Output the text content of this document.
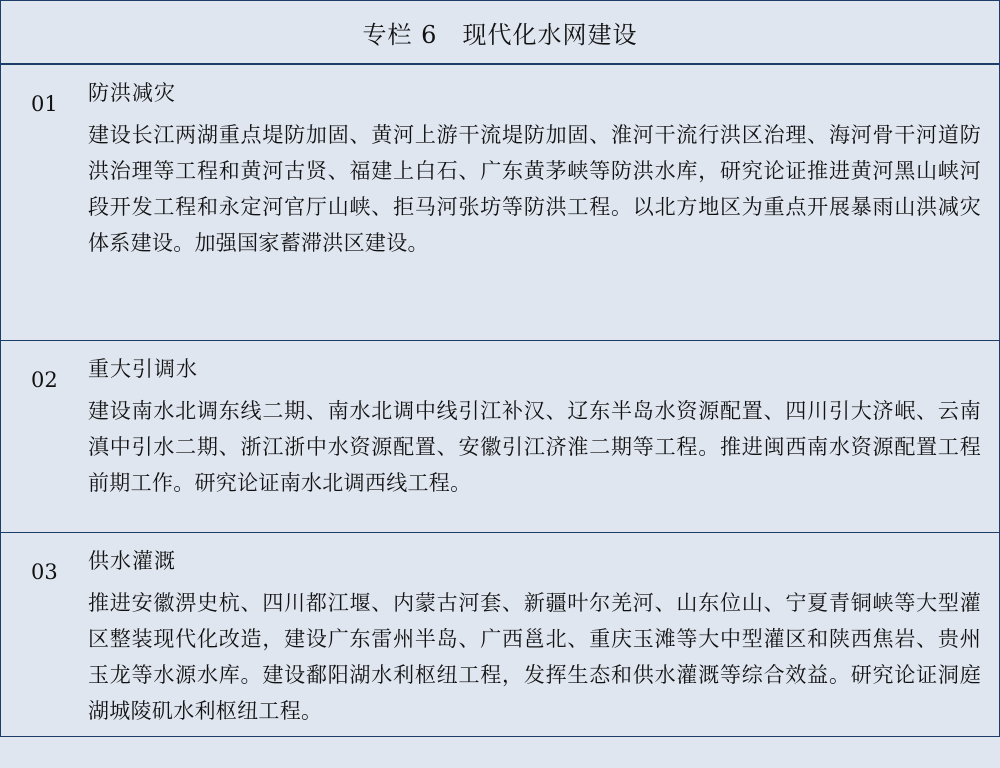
专栏 6　现代化水网建设
01 防洪减灾
建设长江两湖重点堤防加固、黄河上游干流堤防加固、淮河干流行洪区治理、海河骨干河道防洪治理等工程和黄河古贤、福建上白石、广东黄茅峡等防洪水库，研究论证推进黄河黑山峡河段开发工程和永定河官厅山峡、拒马河张坊等防洪工程。以北方地区为重点开展暴雨山洪减灾体系建设。加强国家蓄滞洪区建设。
02 重大引调水
建设南水北调东线二期、南水北调中线引江补汉、辽东半岛水资源配置、四川引大济岷、云南滇中引水二期、浙江浙中水资源配置、安徽引江济淮二期等工程。推进闽西南水资源配置工程前期工作。研究论证南水北调西线工程。
03 供水灌溉
推进安徽淠史杭、四川都江堰、内蒙古河套、新疆叶尔羌河、山东位山、宁夏青铜峡等大型灌区整装现代化改造，建设广东雷州半岛、广西邕北、重庆玉滩等大中型灌区和陕西焦岩、贵州玉龙等水源水库。建设鄱阳湖水利枢纽工程，发挥生态和供水灌溉等综合效益。研究论证洞庭湖城陵矶水利枢纽工程。
